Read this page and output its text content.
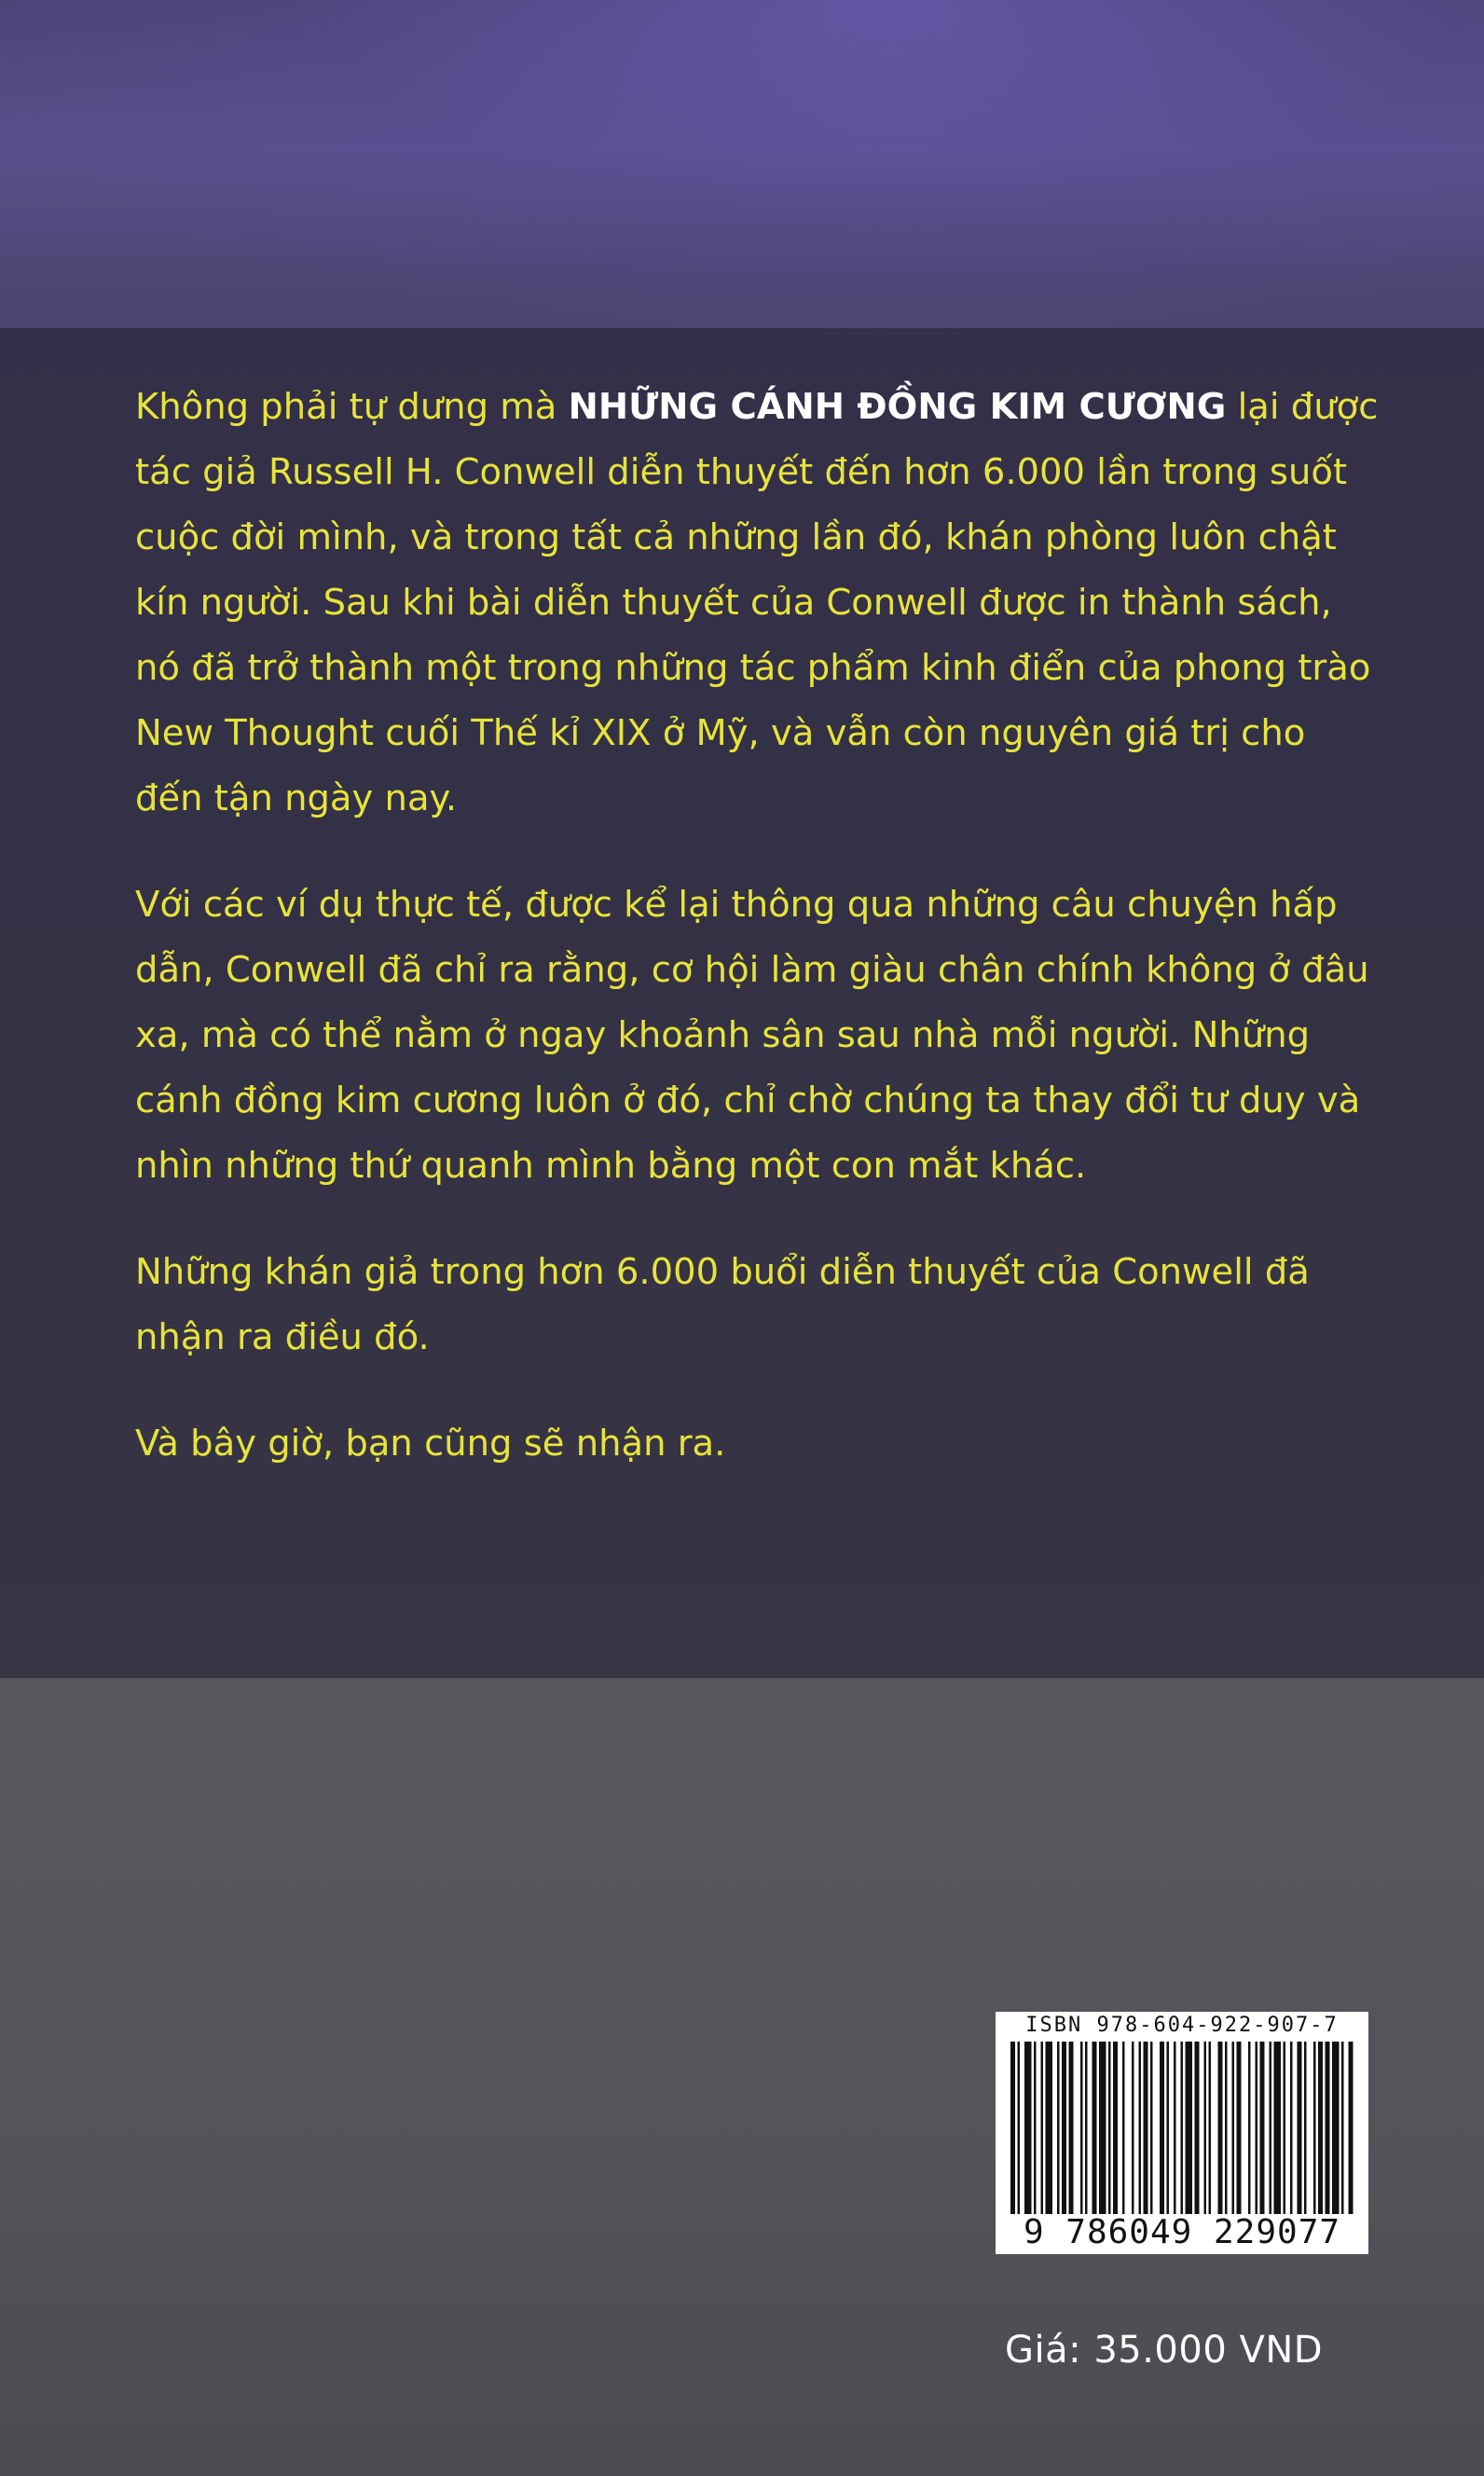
Không phải tự dưng mà NHỮNG CÁNH ĐỒNG KIM CƯƠNG lại được tác giả Russell H. Conwell diễn thuyết đến hơn 6.000 lần trong suốt cuộc đời mình, và trong tất cả những lần đó, khán phòng luôn chật kín người. Sau khi bài diễn thuyết của Conwell được in thành sách, nó đã trở thành một trong những tác phẩm kinh điển của phong trào New Thought cuối Thế kỉ XIX ở Mỹ, và vẫn còn nguyên giá trị cho đến tận ngày nay.

Với các ví dụ thực tế, được kể lại thông qua những câu chuyện hấp dẫn, Conwell đã chỉ ra rằng, cơ hội làm giàu chân chính không ở đâu xa, mà có thể nằm ở ngay khoảnh sân sau nhà mỗi người. Những cánh đồng kim cương luôn ở đó, chỉ chờ chúng ta thay đổi tư duy và nhìn những thứ quanh mình bằng một con mắt khác.

Những khán giả trong hơn 6.000 buổi diễn thuyết của Conwell đã nhận ra điều đó.

Và bây giờ, bạn cũng sẽ nhận ra.

ISBN 978-604-922-907-7
9 786049 229077
Giá: 35.000 VND
